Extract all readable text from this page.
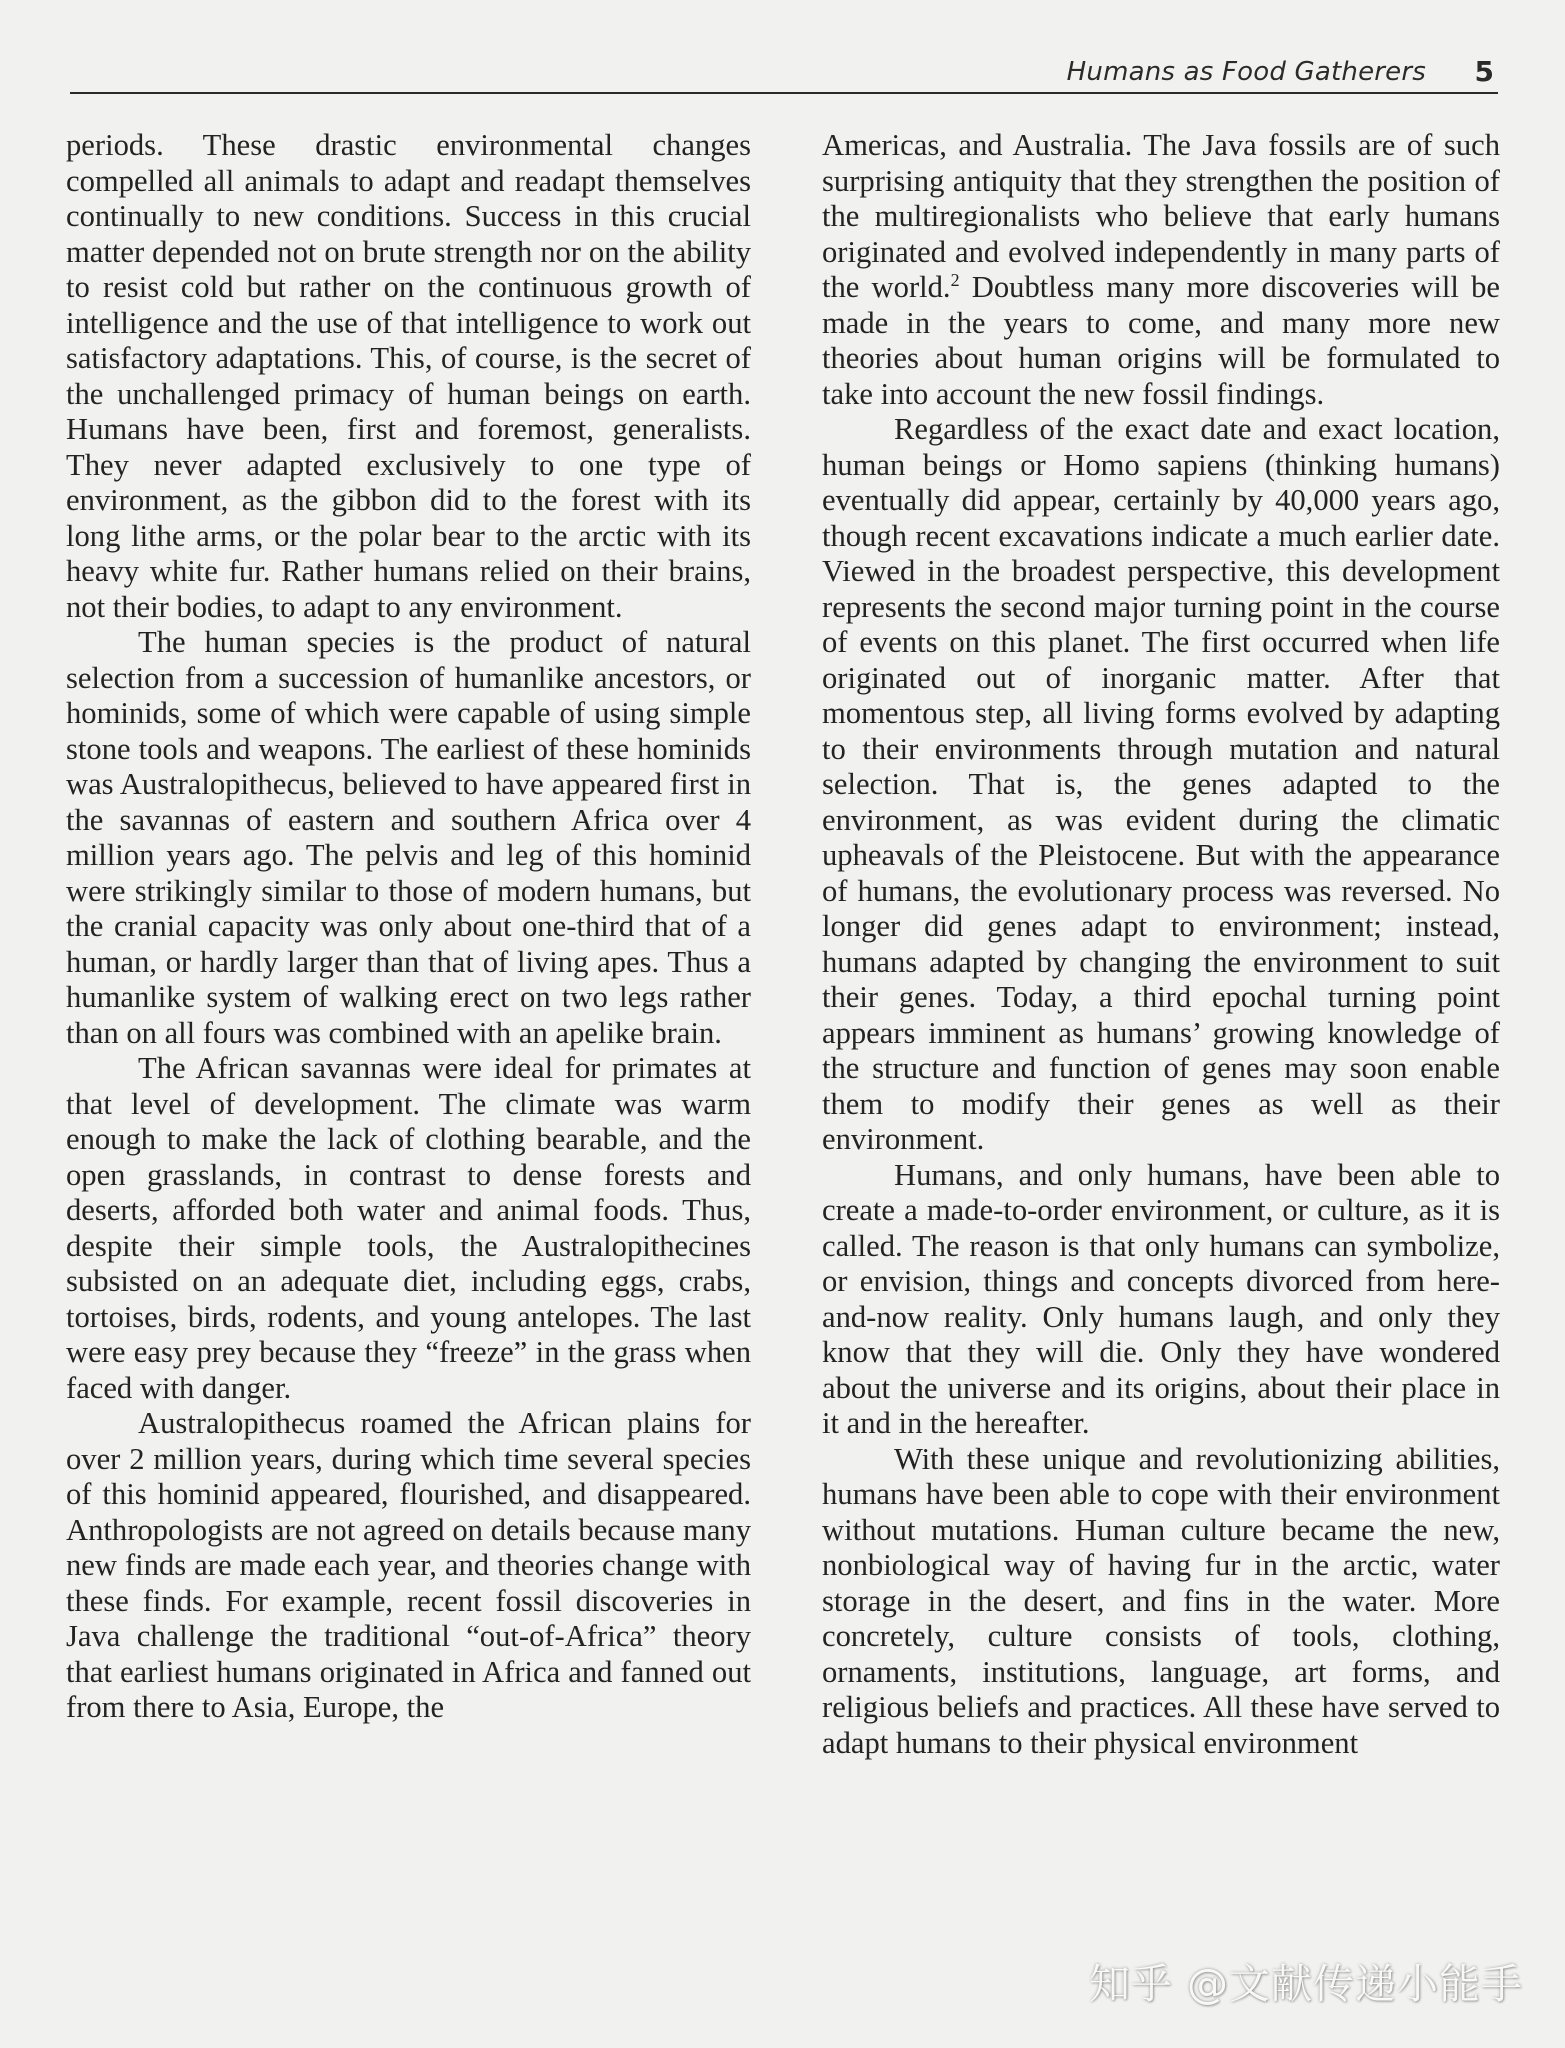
Humans as Food Gatherers 5

periods. These drastic environmental changes compelled all animals to adapt and readapt themselves continually to new conditions. Success in this crucial matter depended not on brute strength nor on the ability to resist cold but rather on the continuous growth of intelligence and the use of that intelligence to work out satisfactory adaptations. This, of course, is the secret of the unchallenged primacy of human beings on earth. Humans have been, first and foremost, generalists. They never adapted exclusively to one type of environment, as the gibbon did to the forest with its long lithe arms, or the polar bear to the arctic with its heavy white fur. Rather humans relied on their brains, not their bodies, to adapt to any environment.

The human species is the product of natural selection from a succession of humanlike ancestors, or hominids, some of which were capable of using simple stone tools and weapons. The earliest of these hominids was Australopithecus, believed to have appeared first in the savannas of eastern and southern Africa over 4 million years ago. The pelvis and leg of this hominid were strikingly similar to those of modern humans, but the cranial capacity was only about one-third that of a human, or hardly larger than that of living apes. Thus a humanlike system of walking erect on two legs rather than on all fours was combined with an apelike brain.

The African savannas were ideal for primates at that level of development. The climate was warm enough to make the lack of clothing bearable, and the open grasslands, in contrast to dense forests and deserts, afforded both water and animal foods. Thus, despite their simple tools, the Australopithecines subsisted on an adequate diet, including eggs, crabs, tortoises, birds, rodents, and young antelopes. The last were easy prey because they “freeze” in the grass when faced with danger.

Australopithecus roamed the African plains for over 2 million years, during which time several species of this hominid appeared, flourished, and disappeared. Anthropologists are not agreed on details because many new finds are made each year, and theories change with these finds. For example, recent fossil discoveries in Java challenge the traditional “out-of-Africa” theory that earliest humans originated in Africa and fanned out from there to Asia, Europe, the

Americas, and Australia. The Java fossils are of such surprising antiquity that they strengthen the position of the multiregionalists who believe that early humans originated and evolved independently in many parts of the world.$^2$ Doubtless many more discoveries will be made in the years to come, and many more new theories about human origins will be formulated to take into account the new fossil findings.

Regardless of the exact date and exact location, human beings or Homo sapiens (thinking humans) eventually did appear, certainly by 40,000 years ago, though recent excavations indicate a much earlier date. Viewed in the broadest perspective, this development represents the second major turning point in the course of events on this planet. The first occurred when life originated out of inorganic matter. After that momentous step, all living forms evolved by adapting to their environments through mutation and natural selection. That is, the genes adapted to the environment, as was evident during the climatic upheavals of the Pleistocene. But with the appearance of humans, the evolutionary process was reversed. No longer did genes adapt to environment; instead, humans adapted by changing the environment to suit their genes. Today, a third epochal turning point appears imminent as humans’ growing knowledge of the structure and function of genes may soon enable them to modify their genes as well as their environment.

Humans, and only humans, have been able to create a made-to-order environment, or culture, as it is called. The reason is that only humans can symbolize, or envision, things and concepts divorced from here-and-now reality. Only humans laugh, and only they know that they will die. Only they have wondered about the universe and its origins, about their place in it and in the hereafter.

With these unique and revolutionizing abilities, humans have been able to cope with their environment without mutations. Human culture became the new, nonbiological way of having fur in the arctic, water storage in the desert, and fins in the water. More concretely, culture consists of tools, clothing, ornaments, institutions, language, art forms, and religious beliefs and practices. All these have served to adapt humans to their physical environment

知乎 @文献传递小能手
